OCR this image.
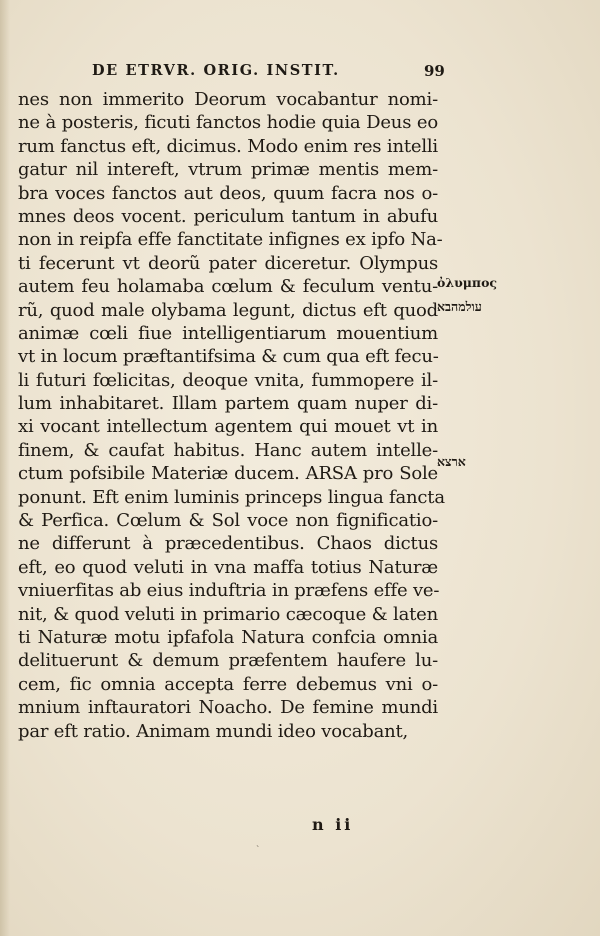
DE ETRVR. ORIG. INSTIT.	99
nes non immerito Deorum vocabantur nomi-
ne à posteris, ficuti fanctos hodie quia Deus eo
rum fanctus eft, dicimus. Modo enim res intelli
gatur nil intereft, vtrum primæ mentis mem-
bra voces fanctos aut deos, quum facra nos o-
mnes deos vocent. periculum tantum in abufu
non in reipfa effe fanctitate infignes ex ipfo Na-
ti fecerunt vt deorũ pater diceretur. Olympus
autem feu holamaba cœlum & feculum ventu-
rũ, quod male olybama legunt, dictus eft quod
animæ cœli fiue intelligentiarum mouentium
vt in locum præftantifsima & cum qua eft fecu-
li futuri fœlicitas, deoque vnita, fummopere il-
lum inhabitaret. Illam partem quam nuper di-
xi vocant intellectum agentem qui mouet vt in
finem, & caufat habitus. Hanc autem intelle-
ctum pofsibile Materiæ ducem. ARSA pro Sole
ponunt. Eft enim luminis princeps lingua fancta
& Perfica. Cœlum & Sol voce non fignificatio-
ne differunt à præcedentibus. Chaos dictus
eft, eo quod veluti in vna maffa totius Naturæ
vniuerfitas ab eius induftria in præfens effe ve-
nit, & quod veluti in primario cæcoque & laten
ti Naturæ motu ipfafola Natura confcia omnia
delituerunt & demum præfentem haufere lu-
cem, fic omnia accepta ferre debemus vni o-
mnium inftauratori Noacho. De femine mundi
par eft ratio. Animam mundi ideo vocabant,
ὀλυμπος
עולמהבא
ארצא
n ii
˴
